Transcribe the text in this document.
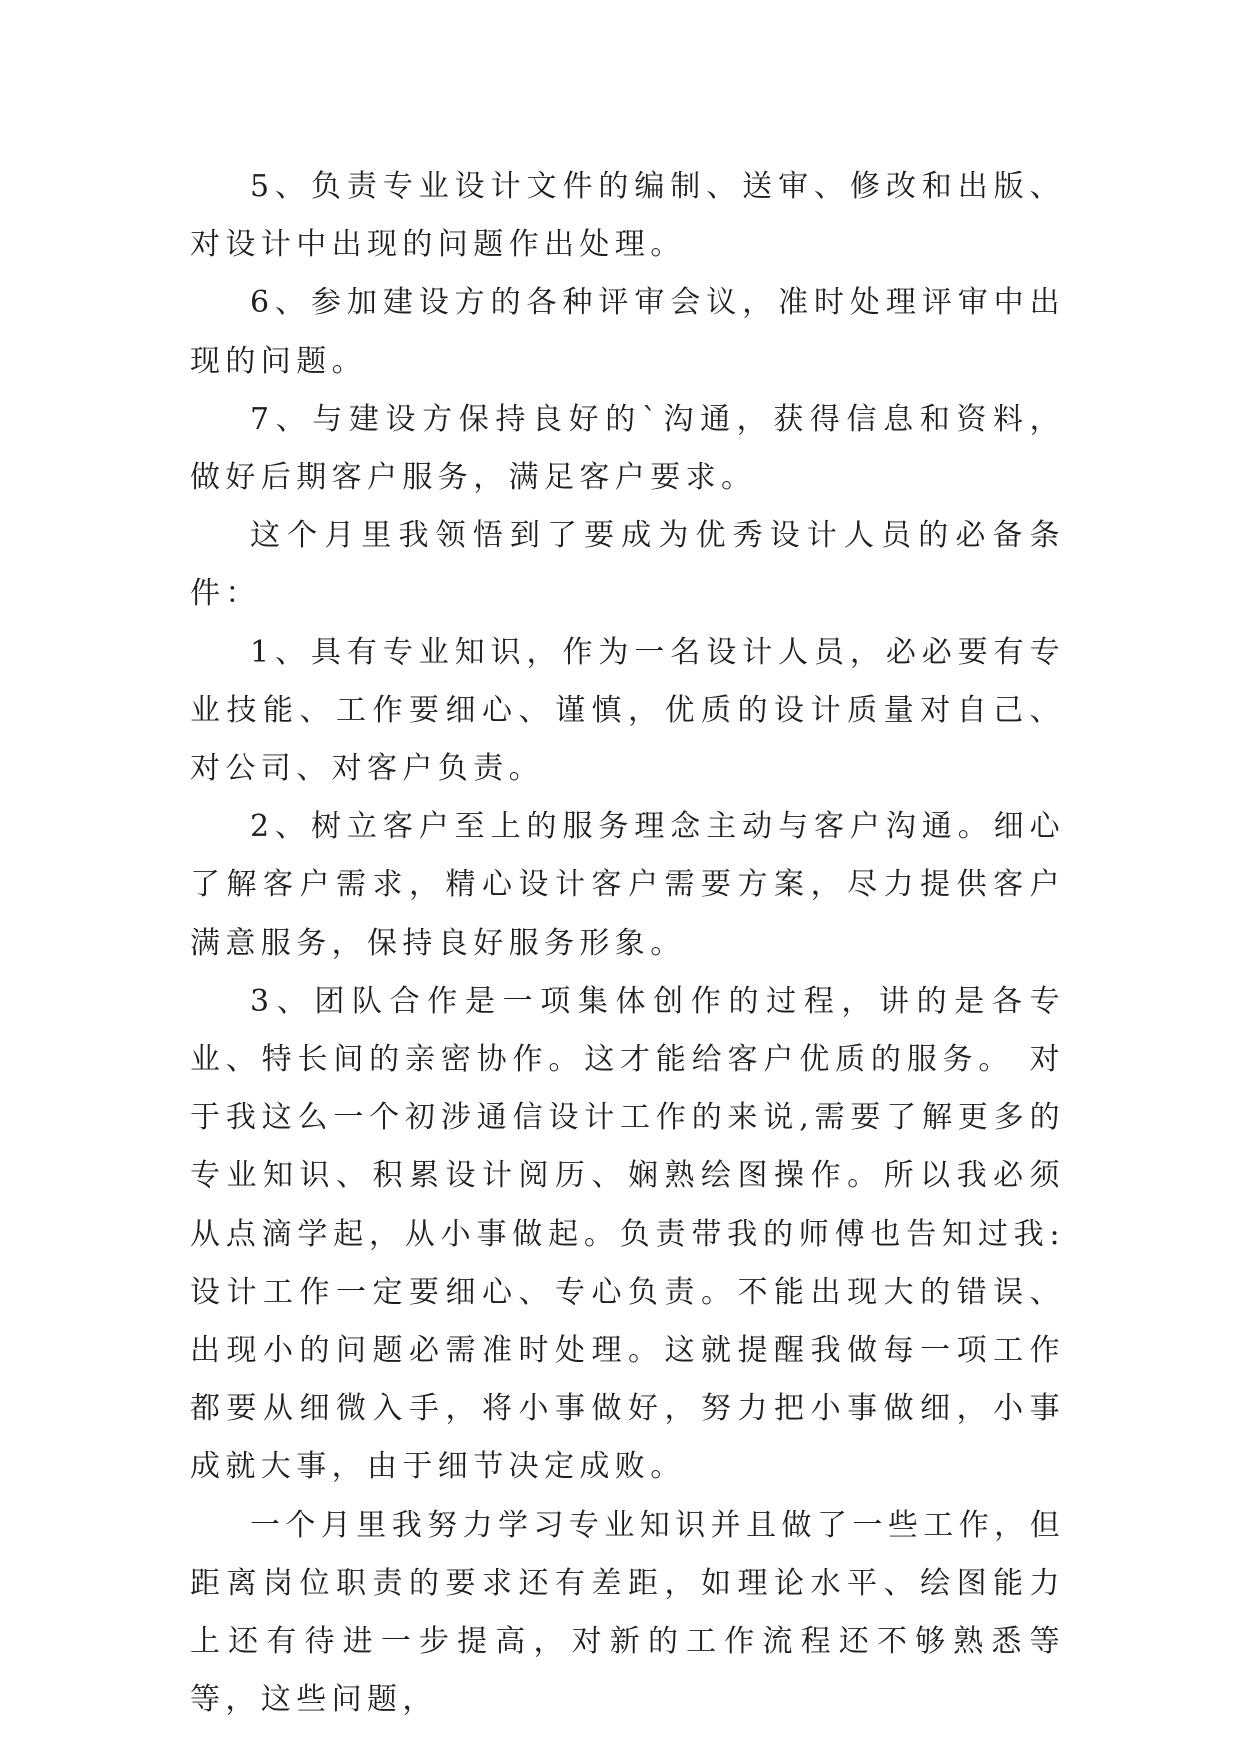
5、负责专业设计文件的编制、送审、修改和出版、对设计中出现的问题作出处理。

6、参加建设方的各种评审会议，准时处理评审中出现的问题。

7、与建设方保持良好的`沟通，获得信息和资料，做好后期客户服务，满足客户要求。

这个月里我领悟到了要成为优秀设计人员的必备条件：

1、具有专业知识，作为一名设计人员，必必要有专业技能、工作要细心、谨慎，优质的设计质量对自己、对公司、对客户负责。

2、树立客户至上的服务理念主动与客户沟通。细心了解客户需求，精心设计客户需要方案，尽力提供客户满意服务，保持良好服务形象。

3、团队合作是一项集体创作的过程，讲的是各专业、特长间的亲密协作。这才能给客户优质的服务。 对于我这么一个初涉通信设计工作的来说,需要了解更多的专业知识、积累设计阅历、娴熟绘图操作。所以我必须从点滴学起，从小事做起。负责带我的师傅也告知过我:设计工作一定要细心、专心负责。不能出现大的错误、出现小的问题必需准时处理。这就提醒我做每一项工作都要从细微入手，将小事做好，努力把小事做细，小事成就大事，由于细节决定成败。

一个月里我努力学习专业知识并且做了一些工作，但距离岗位职责的要求还有差距，如理论水平、绘图能力上还有待进一步提高，对新的工作流程还不够熟悉等等，这些问题，
